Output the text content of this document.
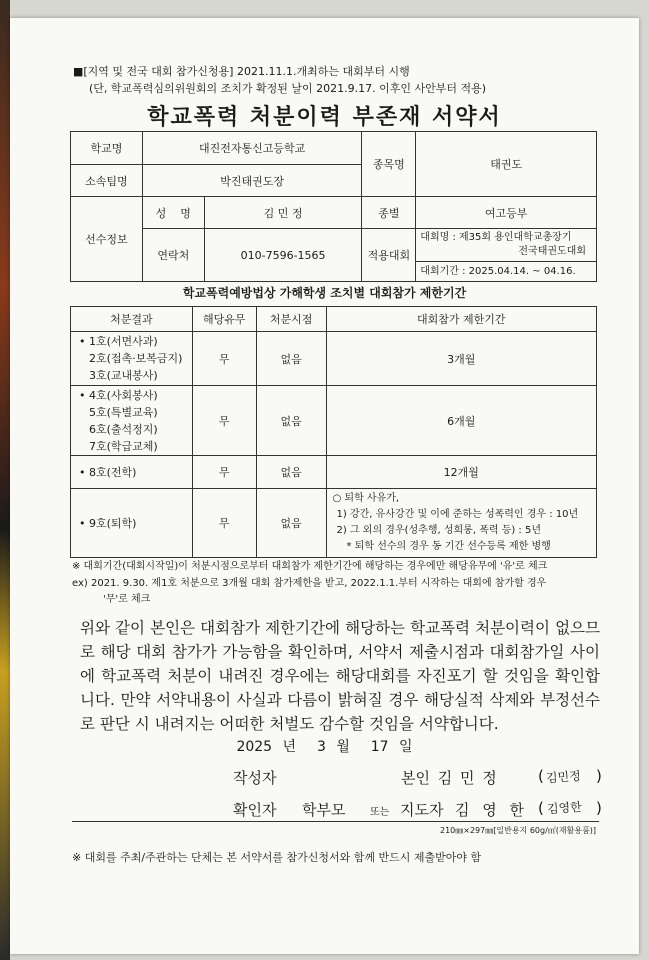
■[지역 및 전국 대회 참가신청용] 2021.11.1.개최하는 대회부터 시행
(단, 학교폭력심의위원회의 조치가 확정된 날이 2021.9.17. 이후인 사안부터 적용)
학교폭력 처분이력 부존재 서약서
학교명	대진전자통신고등학교		종목명	태권도
소속팀명	박진태권도장			
선수정보	성    명	김 민 정	종별	여고등부
	연락처	010-7596-1565	적용대회	대회명 : 제35회 용인대학교총장기
전국태권도대회
대회기간 : 2025.04.14. ~ 04.16.
학교폭력예방법상 가해학생 조치별 대회참가 제한기간
처분결과	해당유무	처분시점	대회참가 제한기간

• 1호(서면사과)
2호(접촉·보복금지)
3호(교내봉사)	무	없음	3개월

• 4호(사회봉사)
5호(특별교육)
6호(출석정지)
7호(학급교체)	무	없음	6개월
• 8호(전학)	무	없음	12개월
• 9호(퇴학)	무	없음	○ 퇴학 사유가,
1) 강간, 유사강간 및 이에 준하는 성폭력인 경우 : 10년
2) 그 외의 경우(성추행, 성희롱, 폭력 등) : 5년
* 퇴학 선수의 경우 동 기간 선수등록 제한 병행
※ 대회기간(대회시작일)이 처분시점으로부터 대회참가 제한기간에 해당하는 경우에만 해당유무에 '유'로 체크
ex) 2021. 9.30. 제1호 처분으로 3개월 대회 참가제한을 받고, 2022.1.1.부터 시작하는 대회에 참가할 경우
'무'로 체크
위와 같이 본인은 대회참가 제한기간에 해당하는 학교폭력 처분이력이 없으므로 해당 대회 참가가 가능함을 확인하며, 서약서 제출시점과 대회참가일 사이에 학교폭력 처분이 내려진 경우에는 해당대회를 자진포기 할 것임을 확인합니다. 만약 서약내용이 사실과 다름이 밝혀질 경우 해당실적 삭제와 부정선수로 판단 시 내려지는 어떠한 처벌도 감수할 것임을 서약합니다.
2025 년  3 월  17 일
작성자	본인 김 민 정	( 김민정 )
확인자 학부모 또는 지도자 김 영 한 ( 김영한 )
210㎜×297㎜[일반용지 60g/㎡(재활용품)]
※ 대회를 주최/주관하는 단체는 본 서약서를 참가신청서와 함께 반드시 제출받아야 함
